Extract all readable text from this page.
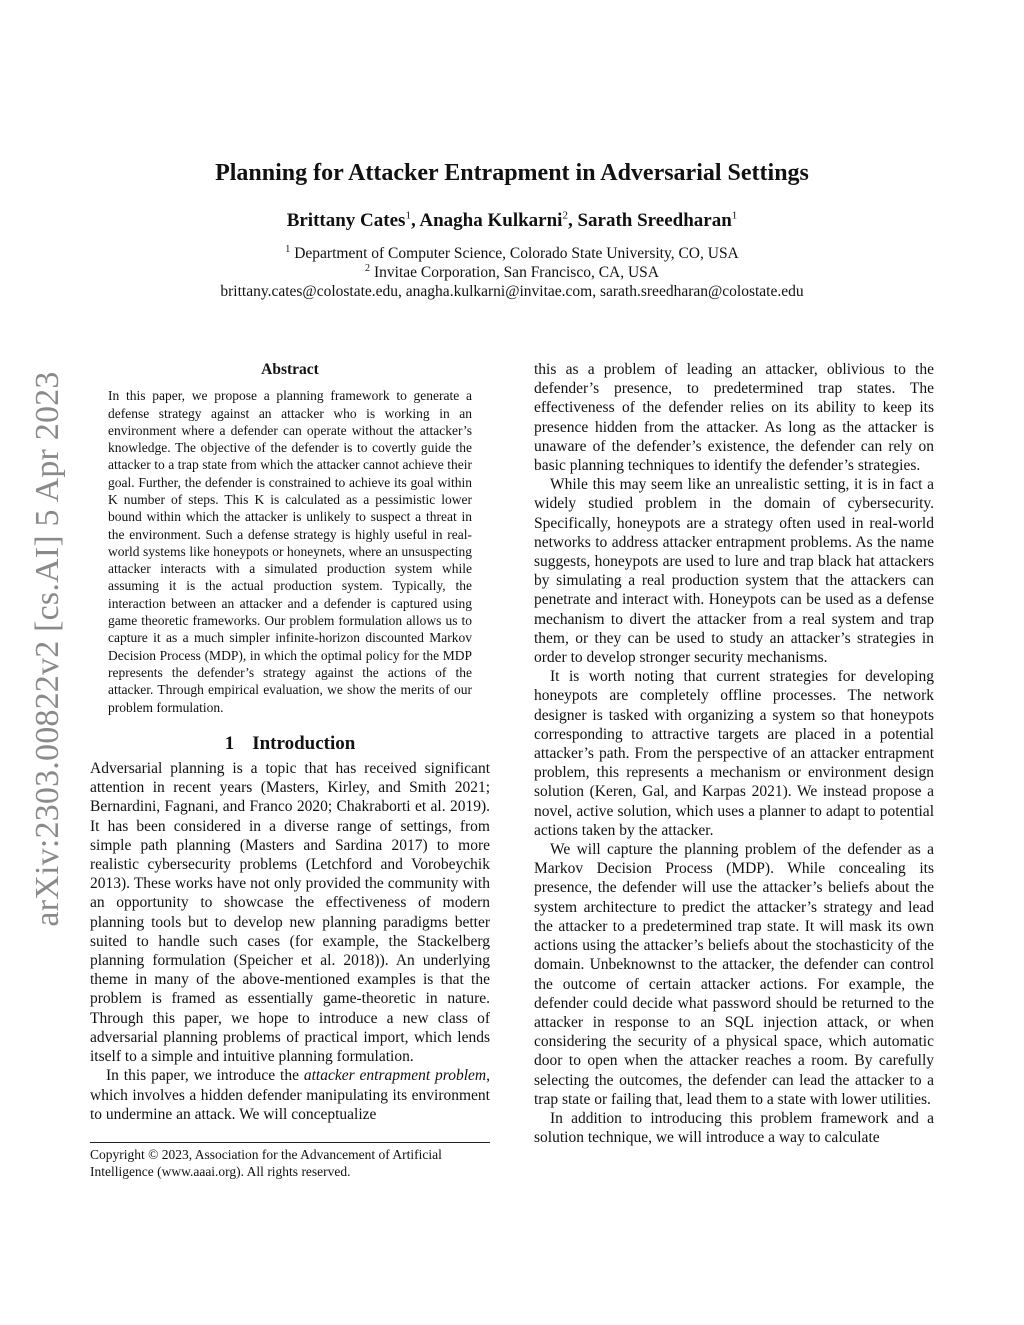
arXiv:2303.00822v2 [cs.AI] 5 Apr 2023
Planning for Attacker Entrapment in Adversarial Settings
Brittany Cates$^1$, Anagha Kulkarni$^2$, Sarath Sreedharan$^1$
$^1$ Department of Computer Science, Colorado State University, CO, USA
$^2$ Invitae Corporation, San Francisco, CA, USA
brittany.cates@colostate.edu, anagha.kulkarni@invitae.com, sarath.sreedharan@colostate.edu
Abstract
In this paper, we propose a planning framework to generate a defense strategy against an attacker who is working in an environment where a defender can operate without the attacker’s knowledge. The objective of the defender is to covertly guide the attacker to a trap state from which the attacker cannot achieve their goal. Further, the defender is constrained to achieve its goal within K number of steps. This K is calculated as a pessimistic lower bound within which the attacker is unlikely to suspect a threat in the environment. Such a defense strategy is highly useful in real-world systems like honeypots or honeynets, where an unsuspecting attacker interacts with a simulated production system while assuming it is the actual production system. Typically, the interaction between an attacker and a defender is captured using game theoretic frameworks. Our problem formulation allows us to capture it as a much simpler infinite-horizon discounted Markov Decision Process (MDP), in which the optimal policy for the MDP represents the defender’s strategy against the actions of the attacker. Through empirical evaluation, we show the merits of our problem formulation.
1 Introduction

Adversarial planning is a topic that has received significant attention in recent years (Masters, Kirley, and Smith 2021; Bernardini, Fagnani, and Franco 2020; Chakraborti et al. 2019). It has been considered in a diverse range of settings, from simple path planning (Masters and Sardina 2017) to more realistic cybersecurity problems (Letchford and Vorobeychik 2013). These works have not only provided the community with an opportunity to showcase the effectiveness of modern planning tools but to develop new planning paradigms better suited to handle such cases (for example, the Stackelberg planning formulation (Speicher et al. 2018)). An underlying theme in many of the above-mentioned examples is that the problem is framed as essentially game-theoretic in nature. Through this paper, we hope to introduce a new class of adversarial planning problems of practical import, which lends itself to a simple and intuitive planning formulation.

In this paper, we introduce the attacker entrapment problem, which involves a hidden defender manipulating its environment to undermine an attack. We will conceptualize

Copyright © 2023, Association for the Advancement of Artificial Intelligence (www.aaai.org). All rights reserved.

this as a problem of leading an attacker, oblivious to the defender’s presence, to predetermined trap states. The effectiveness of the defender relies on its ability to keep its presence hidden from the attacker. As long as the attacker is unaware of the defender’s existence, the defender can rely on basic planning techniques to identify the defender’s strategies.

While this may seem like an unrealistic setting, it is in fact a widely studied problem in the domain of cybersecurity. Specifically, honeypots are a strategy often used in real-world networks to address attacker entrapment problems. As the name suggests, honeypots are used to lure and trap black hat attackers by simulating a real production system that the attackers can penetrate and interact with. Honeypots can be used as a defense mechanism to divert the attacker from a real system and trap them, or they can be used to study an attacker’s strategies in order to develop stronger security mechanisms.

It is worth noting that current strategies for developing honeypots are completely offline processes. The network designer is tasked with organizing a system so that honeypots corresponding to attractive targets are placed in a potential attacker’s path. From the perspective of an attacker entrapment problem, this represents a mechanism or environment design solution (Keren, Gal, and Karpas 2021). We instead propose a novel, active solution, which uses a planner to adapt to potential actions taken by the attacker.

We will capture the planning problem of the defender as a Markov Decision Process (MDP). While concealing its presence, the defender will use the attacker’s beliefs about the system architecture to predict the attacker’s strategy and lead the attacker to a predetermined trap state. It will mask its own actions using the attacker’s beliefs about the stochasticity of the domain. Unbeknownst to the attacker, the defender can control the outcome of certain attacker actions. For example, the defender could decide what password should be returned to the attacker in response to an SQL injection attack, or when considering the security of a physical space, which automatic door to open when the attacker reaches a room. By carefully selecting the outcomes, the defender can lead the attacker to a trap state or failing that, lead them to a state with lower utilities.

In addition to introducing this problem framework and a solution technique, we will introduce a way to calculate
